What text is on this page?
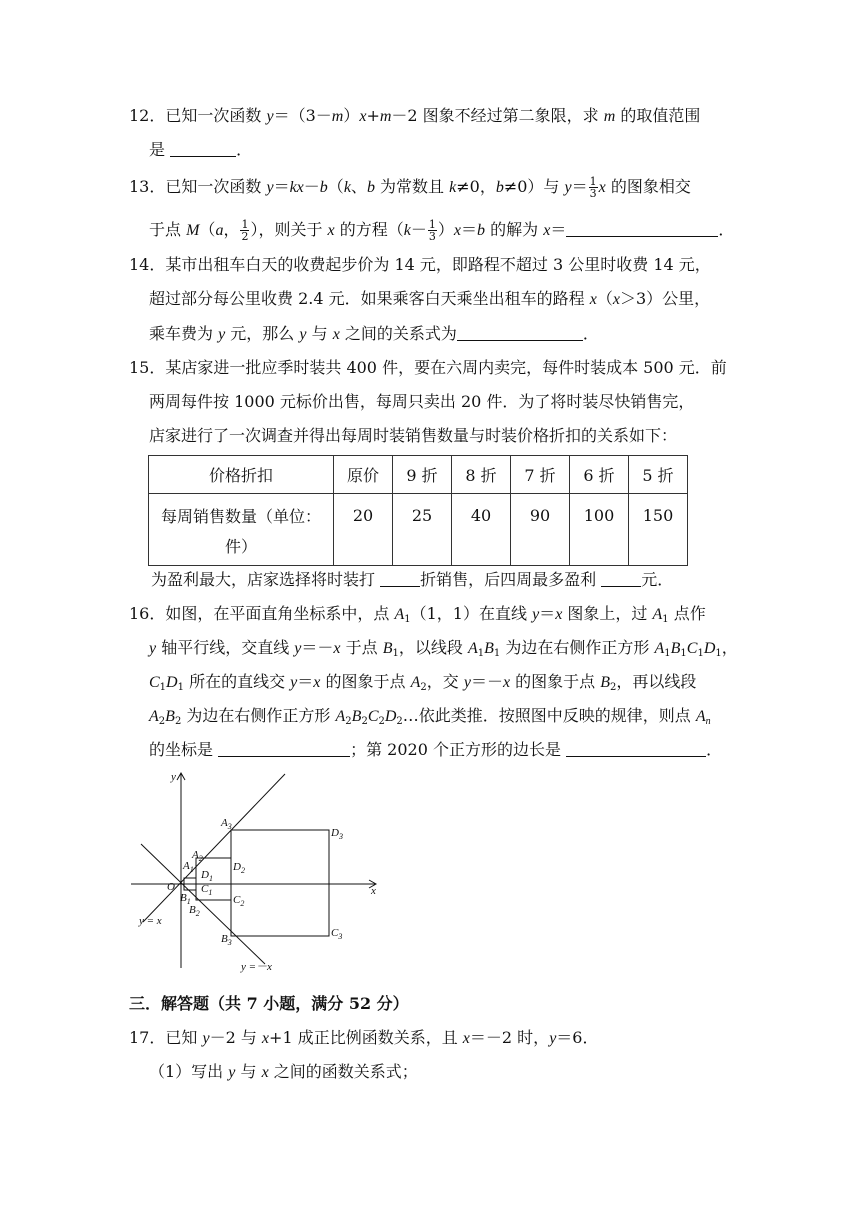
12．已知一次函数 y＝（3－m）x+m－2 图象不经过第二象限，求 m 的取值范围
是	．
13．已知一次函数 y＝kx－b（k、b 为常数且 k≠0，b≠0）与 $y= \frac{1}{3}$ x 的图象相交
于点 M（a， $\frac{1}{2}$ ），则关于 x 的方程$(k- \frac{1}{3} )x=b$ 的解为 x＝	．
14．某市出租车白天的收费起步价为 14 元，即路程不超过 3 公里时收费 14 元，
超过部分每公里收费 2.4 元．如果乘客白天乘坐出租车的路程 x（x＞3）公里，
乘车费为 y 元，那么 y 与 x 之间的关系式为	．
15．某店家进一批应季时装共 400 件，要在六周内卖完，每件时装成本 500 元．前
两周每件按 1000 元标价出售，每周只卖出 20 件．为了将时装尽快销售完，
店家进行了一次调查并得出每周时装销售数量与时装价格折扣的关系如下：
价格折扣	原价	9 折	8 折	7 折	6 折	5 折

每周销售数量（单位：
件）	20	25	40	90	100	150
为盈利最大，店家选择将时装打	折销售，后四周最多盈利	元．
16．如图，在平面直角坐标系中，点 $A_1(1$，1）在直线 y＝x 图象上，过 $A_1$ 点作
y 轴平行线，交直线 y＝－x 于点 $B_1$，以线段 $A_1B_1$ 为边在右侧作正方形 $A_1B_1C_1D_1$，
$C_1D_1$ 所在的直线交 y＝x 的图象于点 $A_2$，交 y＝－x 的图象于点 $B_2$，再以线段
$A_2B_2$ 为边在右侧作正方形 $A_2B_2C_2D_2\dots$依此类推．按照图中反映的规律，则点 $A_n$
的坐标是	；第 2020 个正方形的边长是	．
y
x
O
$A_3$
$A_2$
$A_1$ $D_1$
$C_1$
$B_1$
$B_2$
$D_2$
$C_2$
$D_3$
$C_3$
$B_3$
y = x
y =－x
三．解答题（共 7 小题，满分 52 分）
17．已知 y－2 与 x+1 成正比例函数关系，且 x＝－2 时，y＝6．
（1）写出 y 与 x 之间的函数关系式；
